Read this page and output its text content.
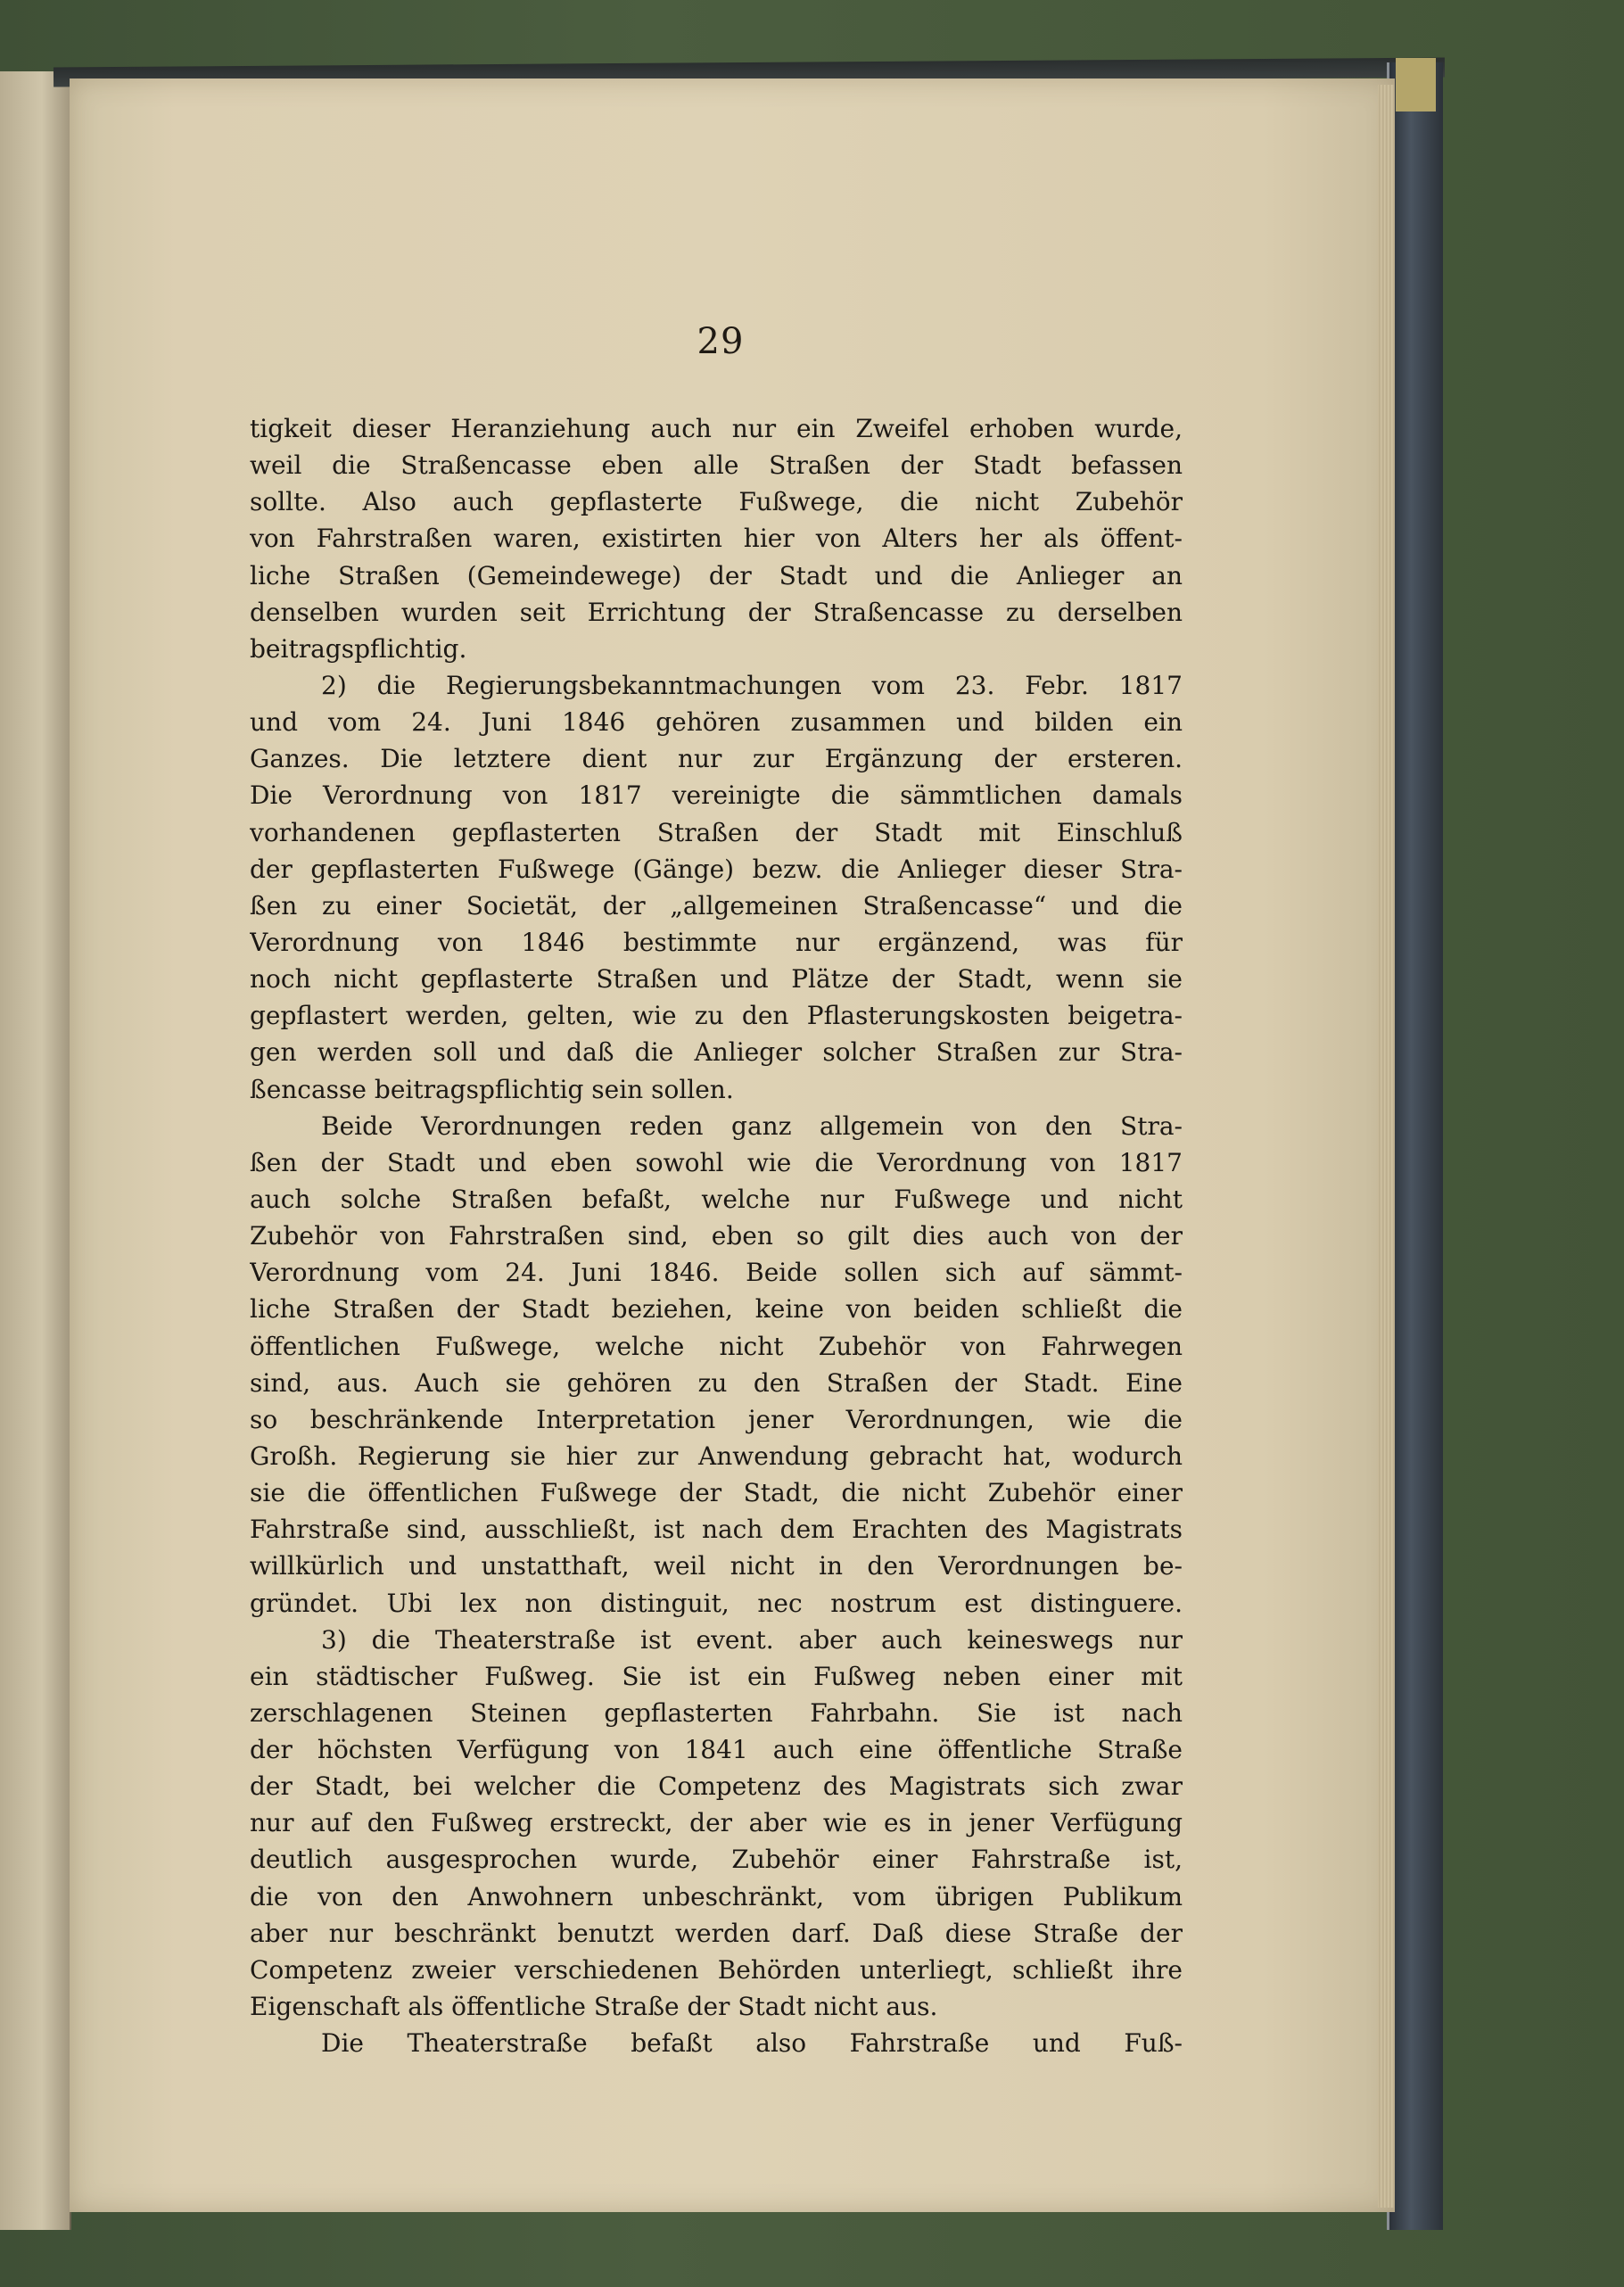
29
tigkeit dieser Heranziehung auch nur ein Zweifel erhoben wurde,
weil die Straßencasse eben alle Straßen der Stadt befassen
sollte. Also auch gepflasterte Fußwege, die nicht Zubehör
von Fahrstraßen waren, existirten hier von Alters her als öffent-
liche Straßen (Gemeindewege) der Stadt und die Anlieger an
denselben wurden seit Errichtung der Straßencasse zu derselben
beitragspflichtig.
2) die Regierungsbekanntmachungen vom 23. Febr. 1817
und vom 24. Juni 1846 gehören zusammen und bilden ein
Ganzes. Die letztere dient nur zur Ergänzung der ersteren.
Die Verordnung von 1817 vereinigte die sämmtlichen damals
vorhandenen gepflasterten Straßen der Stadt mit Einschluß
der gepflasterten Fußwege (Gänge) bezw. die Anlieger dieser Stra-
ßen zu einer Societät, der „allgemeinen Straßencasse“ und die
Verordnung von 1846 bestimmte nur ergänzend, was für
noch nicht gepflasterte Straßen und Plätze der Stadt, wenn sie
gepflastert werden, gelten, wie zu den Pflasterungskosten beigetra-
gen werden soll und daß die Anlieger solcher Straßen zur Stra-
ßencasse beitragspflichtig sein sollen.
Beide Verordnungen reden ganz allgemein von den Stra-
ßen der Stadt und eben sowohl wie die Verordnung von 1817
auch solche Straßen befaßt, welche nur Fußwege und nicht
Zubehör von Fahrstraßen sind, eben so gilt dies auch von der
Verordnung vom 24. Juni 1846. Beide sollen sich auf sämmt-
liche Straßen der Stadt beziehen, keine von beiden schließt die
öffentlichen Fußwege, welche nicht Zubehör von Fahrwegen
sind, aus. Auch sie gehören zu den Straßen der Stadt. Eine
so beschränkende Interpretation jener Verordnungen, wie die
Großh. Regierung sie hier zur Anwendung gebracht hat, wodurch
sie die öffentlichen Fußwege der Stadt, die nicht Zubehör einer
Fahrstraße sind, ausschließt, ist nach dem Erachten des Magistrats
willkürlich und unstatthaft, weil nicht in den Verordnungen be-
gründet. Ubi lex non distinguit, nec nostrum est distinguere.
3) die Theaterstraße ist event. aber auch keineswegs nur
ein städtischer Fußweg. Sie ist ein Fußweg neben einer mit
zerschlagenen Steinen gepflasterten Fahrbahn. Sie ist nach
der höchsten Verfügung von 1841 auch eine öffentliche Straße
der Stadt, bei welcher die Competenz des Magistrats sich zwar
nur auf den Fußweg erstreckt, der aber wie es in jener Verfügung
deutlich ausgesprochen wurde, Zubehör einer Fahrstraße ist,
die von den Anwohnern unbeschränkt, vom übrigen Publikum
aber nur beschränkt benutzt werden darf. Daß diese Straße der
Competenz zweier verschiedenen Behörden unterliegt, schließt ihre
Eigenschaft als öffentliche Straße der Stadt nicht aus.
Die Theaterstraße befaßt also Fahrstraße und Fuß-
